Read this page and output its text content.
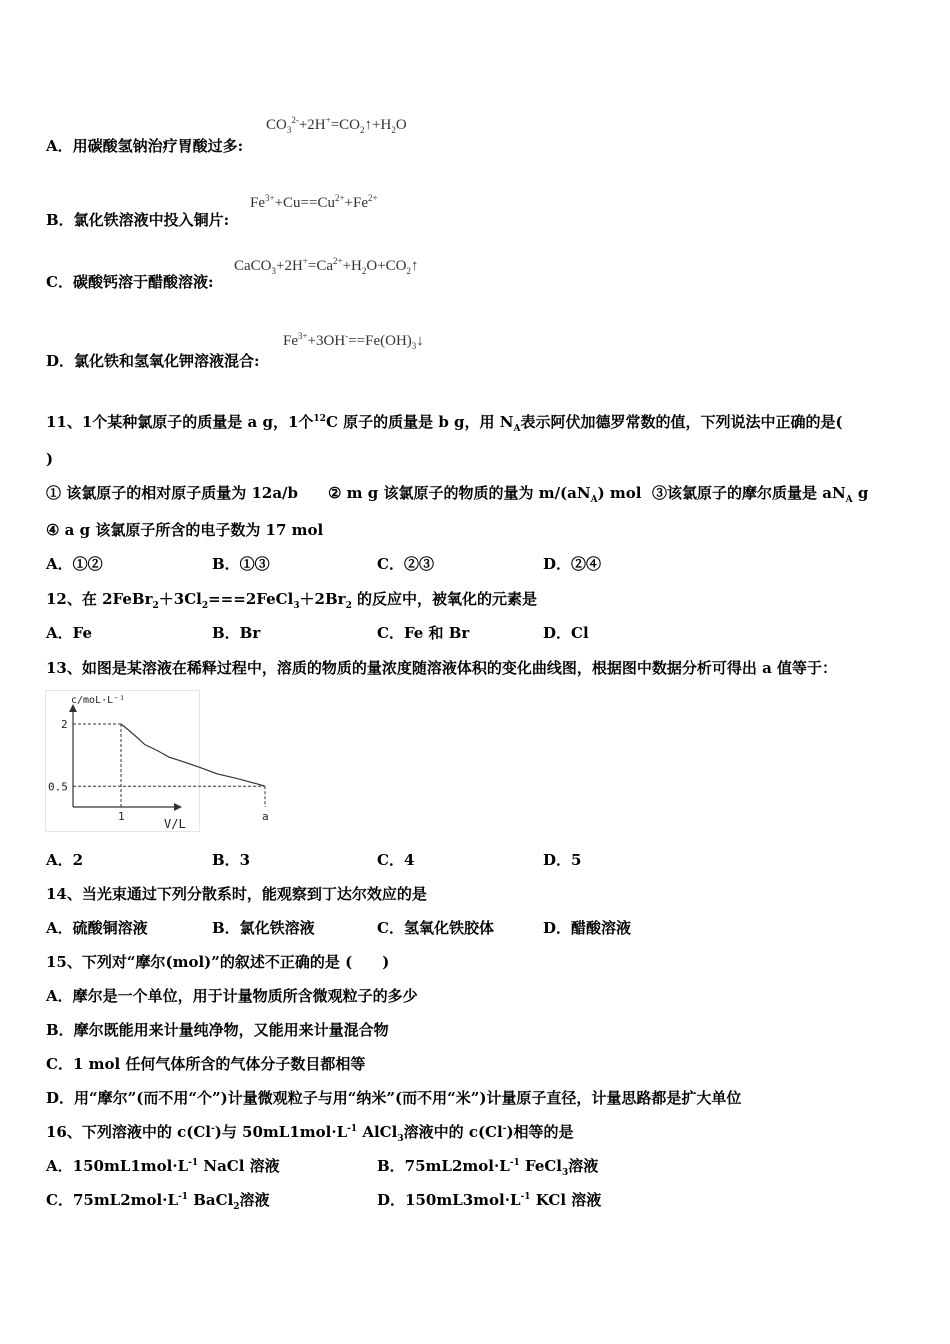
A．用碳酸氢钠治疗胃酸过多:
$CO_3^{2-}+2H^+=CO_2↑+H_2O$
B．氯化铁溶液中投入铜片:
$Fe^{3+}+Cu==Cu^{2+}+Fe^{2+}$
C．碳酸钙溶于醋酸溶液:
$CaCO_3+2H^+=Ca^{2+}+H_2O+CO_2↑$
D．氯化铁和氢氧化钾溶液混合:
$Fe^{3+}+3OH^-==Fe(OH)_3↓$
11、1个某种氯原子的质量是 a g，1个$^{12}$C 原子的质量是 b g，用 $N_A$表示阿伏加德罗常数的值，下列说法中正确的是(
)
① 该氯原子的相对原子质量为 12a/b ② m g 该氯原子的物质的量为 $m/(aN_A)$ mol ③该氯原子的摩尔质量是 $aN_A$ g
④ a g 该氯原子所含的电子数为 17 mol
A．①②	B．①③	C．②③	D．②④
12、在 $2FeBr_2+3Cl_2===2FeCl_3+2Br_2$ 的反应中，被氧化的元素是
A．Fe	B．Br	C．Fe 和 Br	D．Cl
13、如图是某溶液在稀释过程中，溶质的物质的量浓度随溶液体积的变化曲线图，根据图中数据分析可得出 a 值等于：
c/moL·L⁻¹
V/L
2
0.5
1	a
A．2	B．3	C．4	D．5
14、当光束通过下列分散系时，能观察到丁达尔效应的是
A．硫酸铜溶液	B．氯化铁溶液	C．氢氧化铁胶体	D．醋酸溶液
15、下列对“摩尔(mol)”的叙述不正确的是 (　　)
A．摩尔是一个单位，用于计量物质所含微观粒子的多少
B．摩尔既能用来计量纯净物，又能用来计量混合物
C．1 mol 任何气体所含的气体分子数目都相等
D．用“摩尔”(而不用“个”)计量微观粒子与用“纳米”(而不用“米”)计量原子直径，计量思路都是扩大单位
16、下列溶液中的 c(Cl-)与 $50mL1mol\cdot L^{-1}$ AlCl$_3$溶液中的 c(Cl-)相等的是
A．$150mL1mol\cdot L^{-1}$ NaCl 溶液	B．$75mL2mol\cdot L^{-1}$ FeCl$_3$溶液
C．$75mL2mol\cdot L^{-1}$ BaCl$_2$溶液	D．$150mL3mol\cdot L^{-1}$ KCl 溶液
